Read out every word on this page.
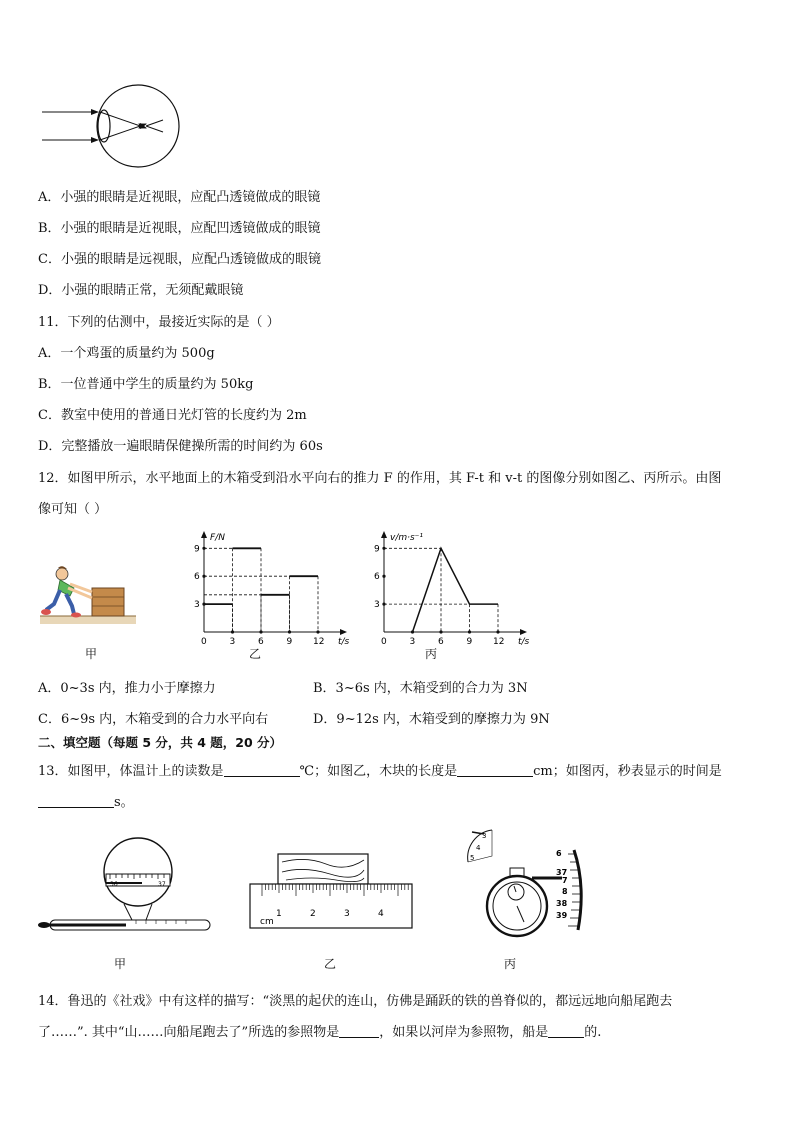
A．小强的眼睛是近视眼，应配凸透镜做成的眼镜
B．小强的眼睛是近视眼，应配凹透镜做成的眼镜
C．小强的眼睛是远视眼，应配凸透镜做成的眼镜
D．小强的眼睛正常，无须配戴眼镜
11．下列的估测中，最接近实际的是（ ）
A．一个鸡蛋的质量约为 500g
B．一位普通中学生的质量约为 50kg
C．教室中使用的普通日光灯管的长度约为 2m
D．完整播放一遍眼睛保健操所需的时间约为 60s
12．如图甲所示，水平地面上的木箱受到沿水平向右的推力 F 的作用，其 F-t 和 v-t 的图像分别如图乙、丙所示。由图
像可知（ ）
甲
F/N
t/s
0	3	6	9 12
3
6
9
乙
v/m·s⁻¹
t/s
0	3	6	9 12
3
6
9
丙
A．0~3s 内，推力小于摩擦力	B．3~6s 内，木箱受到的合力为 3N
C．6~9s 内，木箱受到的合力水平向右	D．9~12s 内，木箱受到的摩擦力为 9N
二、填空题（每题 5 分，共 4 题，20 分）
13．如图甲，体温计上的读数是	℃；如图乙，木块的长度是	cm；如图丙，秒表显示的时间是
s。
36	37
甲
cm
1	2	3	4
乙
3
4
5	6
37
7
8
38
39
丙
14．鲁迅的《社戏》中有这样的描写：“淡黑的起伏的连山，仿佛是踊跃的铁的兽脊似的，都远远地向船尾跑去
了……”. 其中“山……向船尾跑去了”所选的参照物是	，如果以河岸为参照物，船是	的.
